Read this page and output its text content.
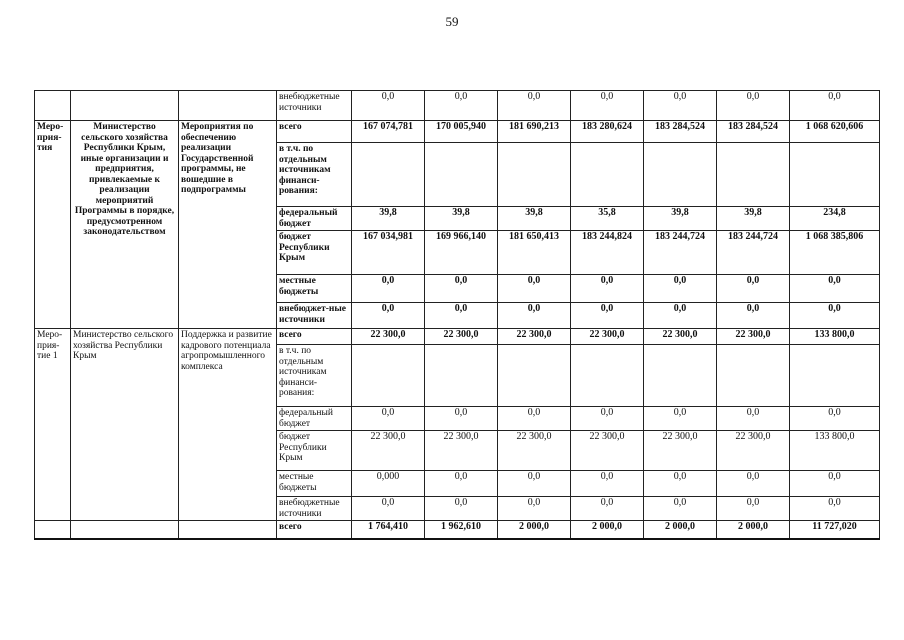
59
			внебюджетные источники	0,0	0,0	0,0	0,0	0,0	0,0	0,0
Меро-прия-тия	Министерство сельского хозяйства Республики Крым, иные организации и предприятия, привлекаемые к реализации мероприятий Программы в порядке, предусмотренном законодательством	Мероприятия по обеспечению реализации Государственной программы, не вошедшие в подпрограммы	всего	167 074,781	170 005,940	181 690,213	183 280,624	183 284,524	183 284,524	1 068 620,606
			в т.ч. по отдельным источникам финанси-рования:							
			федеральный бюджет	39,8	39,8	39,8	35,8	39,8	39,8	234,8
			бюджет Республики Крым	167 034,981	169 966,140	181 650,413	183 244,824	183 244,724	183 244,724	1 068 385,806
			местные бюджеты	0,0	0,0	0,0	0,0	0,0	0,0	0,0
			внебюджет-ные источники	0,0	0,0	0,0	0,0	0,0	0,0	0,0
Меро-прия-тие 1	Министерство сельского хозяйства Республики Крым	Поддержка и развитие кадрового потенциала агропромышленного комплекса	всего	22 300,0	22 300,0	22 300,0	22 300,0	22 300,0	22 300,0	133 800,0
			в т.ч. по отдельным источникам финанси-рования:							
			федеральный бюджет	0,0	0,0	0,0	0,0	0,0	0,0	0,0
			бюджет Республики Крым	22 300,0	22 300,0	22 300,0	22 300,0	22 300,0	22 300,0	133 800,0
			местные бюджеты	0,000	0,0	0,0	0,0	0,0	0,0	0,0
			внебюджетные источники	0,0	0,0	0,0	0,0	0,0	0,0	0,0
			всего	1 764,410	1 962,610	2 000,0	2 000,0	2 000,0	2 000,0	11 727,020
